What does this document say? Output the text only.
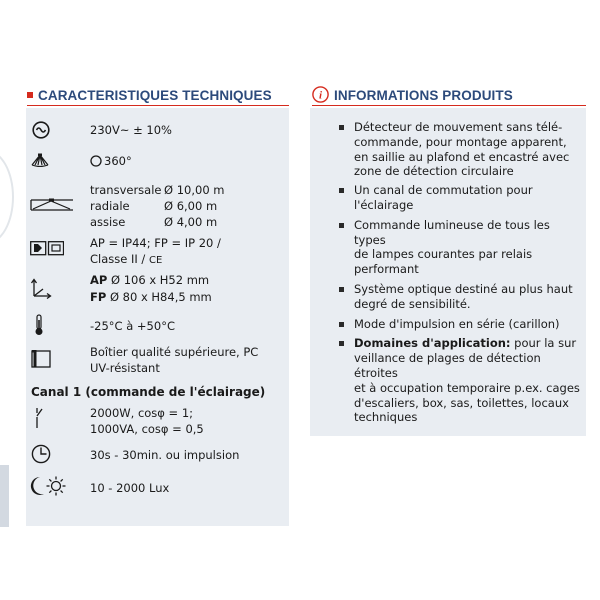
CARACTERISTIQUES TECHNIQUES
230V~ ± 10%
360°
transversale Ø 10,00 m
radiale	Ø 6,00 m
assise	Ø 4,00 m
AP = IP44; FP = IP 20 /
Classe II / CE
AP Ø 106 x H52 mm
FP Ø 80 x H84,5 mm
-25°C à +50°C
Boîtier qualité supérieure, PC
UV-résistant
Canal 1 (commande de l'éclairage)
2000W, cosφ = 1;
1000VA, cosφ = 0,5
30s - 30min. ou impulsion
10 - 2000 Lux
i INFORMATIONS PRODUITS
Détecteur de mouvement sans télé-
commande, pour montage apparent,
en saillie au plafond et encastré avec
zone de détection circulaire
Un canal de commutation pour
l'éclairage
Commande lumineuse de tous les types
de lampes courantes par relais
performant
Système optique destiné au plus haut
degré de sensibilité.
Mode d'impulsion en série (carillon)
Domaines d'application: pour la sur
veillance de plages de détection étroites
et à occupation temporaire p.ex. cages
d'escaliers, box, sas, toilettes, locaux
techniques
